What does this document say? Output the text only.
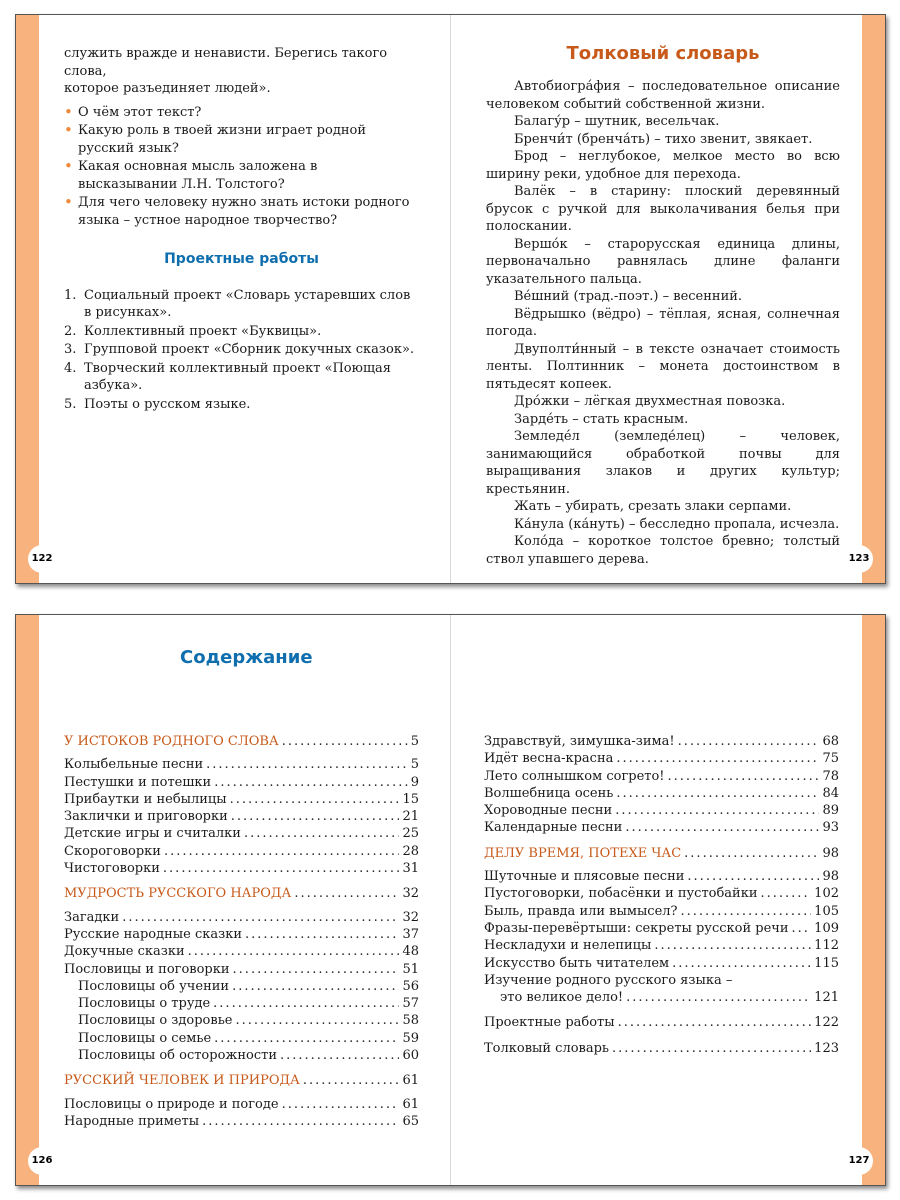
служить вражде и ненависти. Берегись такого слова,
которое разъединяет людей».
• О чём этот текст?
• Какую роль в твоей жизни играет родной русский язык?
• Какая основная мысль заложена в высказывании Л.Н. Толстого?
• Для чего человеку нужно знать истоки родного языка – устное народное творчество?
Проектные работы
1. Социальный проект «Словарь устаревших слов в рисунках».
2. Коллективный проект «Буквицы».
3. Групповой проект «Сборник докучных сказок».
4. Творческий коллективный проект «Поющая азбука».
5. Поэты о русском языке.
122
Толковый словарь

Автобиогра́фия – последовательное описание человеком событий собственной жизни.

Балагу́р – шутник, весельчак.

Бренчи́т (бренча́ть) – тихо звенит, звякает.

Брод – неглубокое, мелкое место во всю ширину реки, удобное для перехода.

Валёк – в старину: плоский деревянный брусок с ручкой для выколачивания белья при полоскании.

Вершо́к – старорусская единица длины, первоначально равнялась длине фаланги указательного пальца.

Ве́шний (трад.-поэт.) – весенний.

Вёдрышко (вёдро) – тёплая, ясная, солнечная погода.

Двуполти́нный – в тексте означает стоимость ленты. Полтинник – монета достоинством в пятьдесят копеек.

Дро́жки – лёгкая двухместная повозка.

Зарде́ть – стать красным.

Земледе́л (земледе́лец) – человек, занимающийся обработкой почвы для выращивания злаков и других культур; крестьянин.

Жать – убирать, срезать злаки серпами.

Ка́нула (ка́нуть) – бесследно пропала, исчезла.

Коло́да – короткое толстое бревно; толстый ствол упавшего дерева.	123
Содержание
У ИСТОКОВ РОДНОГО СЛОВА .....	5
Колыбельные песни .....	5
Пестушки и потешки .....	9
Прибаутки и небылицы .....	15
Заклички и приговорки .....	21
Детские игры и считалки .....	25
Скороговорки .....	28
Чистоговорки .....	31
МУДРОСТЬ РУССКОГО НАРОДА .....	32
Загадки .....	32
Русские народные сказки .....	37
Докучные сказки .....	48
Пословицы и поговорки .....	51
Пословицы об учении .....	56
Пословицы о труде .....	57
Пословицы о здоровье .....	58
Пословицы о семье .....	59
Пословицы об осторожности .....	60
РУССКИЙ ЧЕЛОВЕК И ПРИРОДА .....	61
Пословицы о природе и погоде .....	61
Народные приметы .....	65
Здравствуй, зимушка-зима! .....	68
Идёт весна-красна .....	75
Лето солнышком согрето! .....	78
Волшебница осень .....	84
Хороводные песни .....	89
Календарные песни .....	93
ДЕЛУ ВРЕМЯ, ПОТЕХЕ ЧАС .....	98
Шуточные и плясовые песни .....	98
Пустоговорки, побасёнки и пустобайки .....	102
Быль, правда или вымысел? .....	105
Фразы-перевёртыши: секреты русской речи ..... 109
Нескладухи и нелепицы .....	112
Искусство быть читателем .....	115
Изучение родного русского языка –
это великое дело! .....	121
Проектные работы .....	122
Толковый словарь .....	123
126	127
